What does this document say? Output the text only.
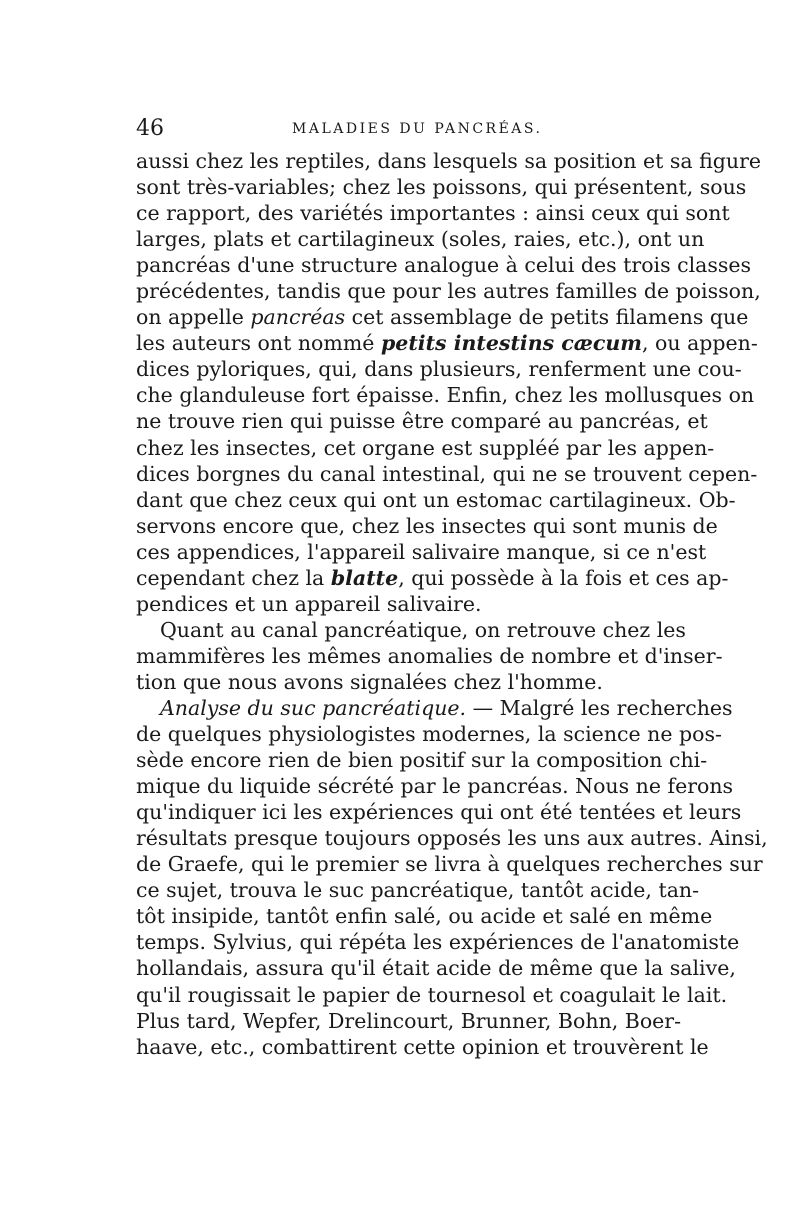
46	MALADIES DU PANCRÉAS.
aussi chez les reptiles, dans lesquels sa position et sa figure
sont très-variables; chez les poissons, qui présentent, sous
ce rapport, des variétés importantes : ainsi ceux qui sont
larges, plats et cartilagineux (soles, raies, etc.), ont un
pancréas d'une structure analogue à celui des trois classes
précédentes, tandis que pour les autres familles de poisson,
on appelle pancréas cet assemblage de petits filamens que
les auteurs ont nommé petits intestins cæcum, ou appen-
dices pyloriques, qui, dans plusieurs, renferment une cou-
che glanduleuse fort épaisse. Enfin, chez les mollusques on
ne trouve rien qui puisse être comparé au pancréas, et
chez les insectes, cet organe est suppléé par les appen-
dices borgnes du canal intestinal, qui ne se trouvent cepen-
dant que chez ceux qui ont un estomac cartilagineux. Ob-
servons encore que, chez les insectes qui sont munis de
ces appendices, l'appareil salivaire manque, si ce n'est
cependant chez la blatte, qui possède à la fois et ces ap-
pendices et un appareil salivaire.
Quant au canal pancréatique, on retrouve chez les
mammifères les mêmes anomalies de nombre et d'inser-
tion que nous avons signalées chez l'homme.
Analyse du suc pancréatique. — Malgré les recherches
de quelques physiologistes modernes, la science ne pos-
sède encore rien de bien positif sur la composition chi-
mique du liquide sécrété par le pancréas. Nous ne ferons
qu'indiquer ici les expériences qui ont été tentées et leurs
résultats presque toujours opposés les uns aux autres. Ainsi,
de Graefe, qui le premier se livra à quelques recherches sur
ce sujet, trouva le suc pancréatique, tantôt acide, tan-
tôt insipide, tantôt enfin salé, ou acide et salé en même
temps. Sylvius, qui répéta les expériences de l'anatomiste
hollandais, assura qu'il était acide de même que la salive,
qu'il rougissait le papier de tournesol et coagulait le lait.
Plus tard, Wepfer, Drelincourt, Brunner, Bohn, Boer-
haave, etc., combattirent cette opinion et trouvèrent le
